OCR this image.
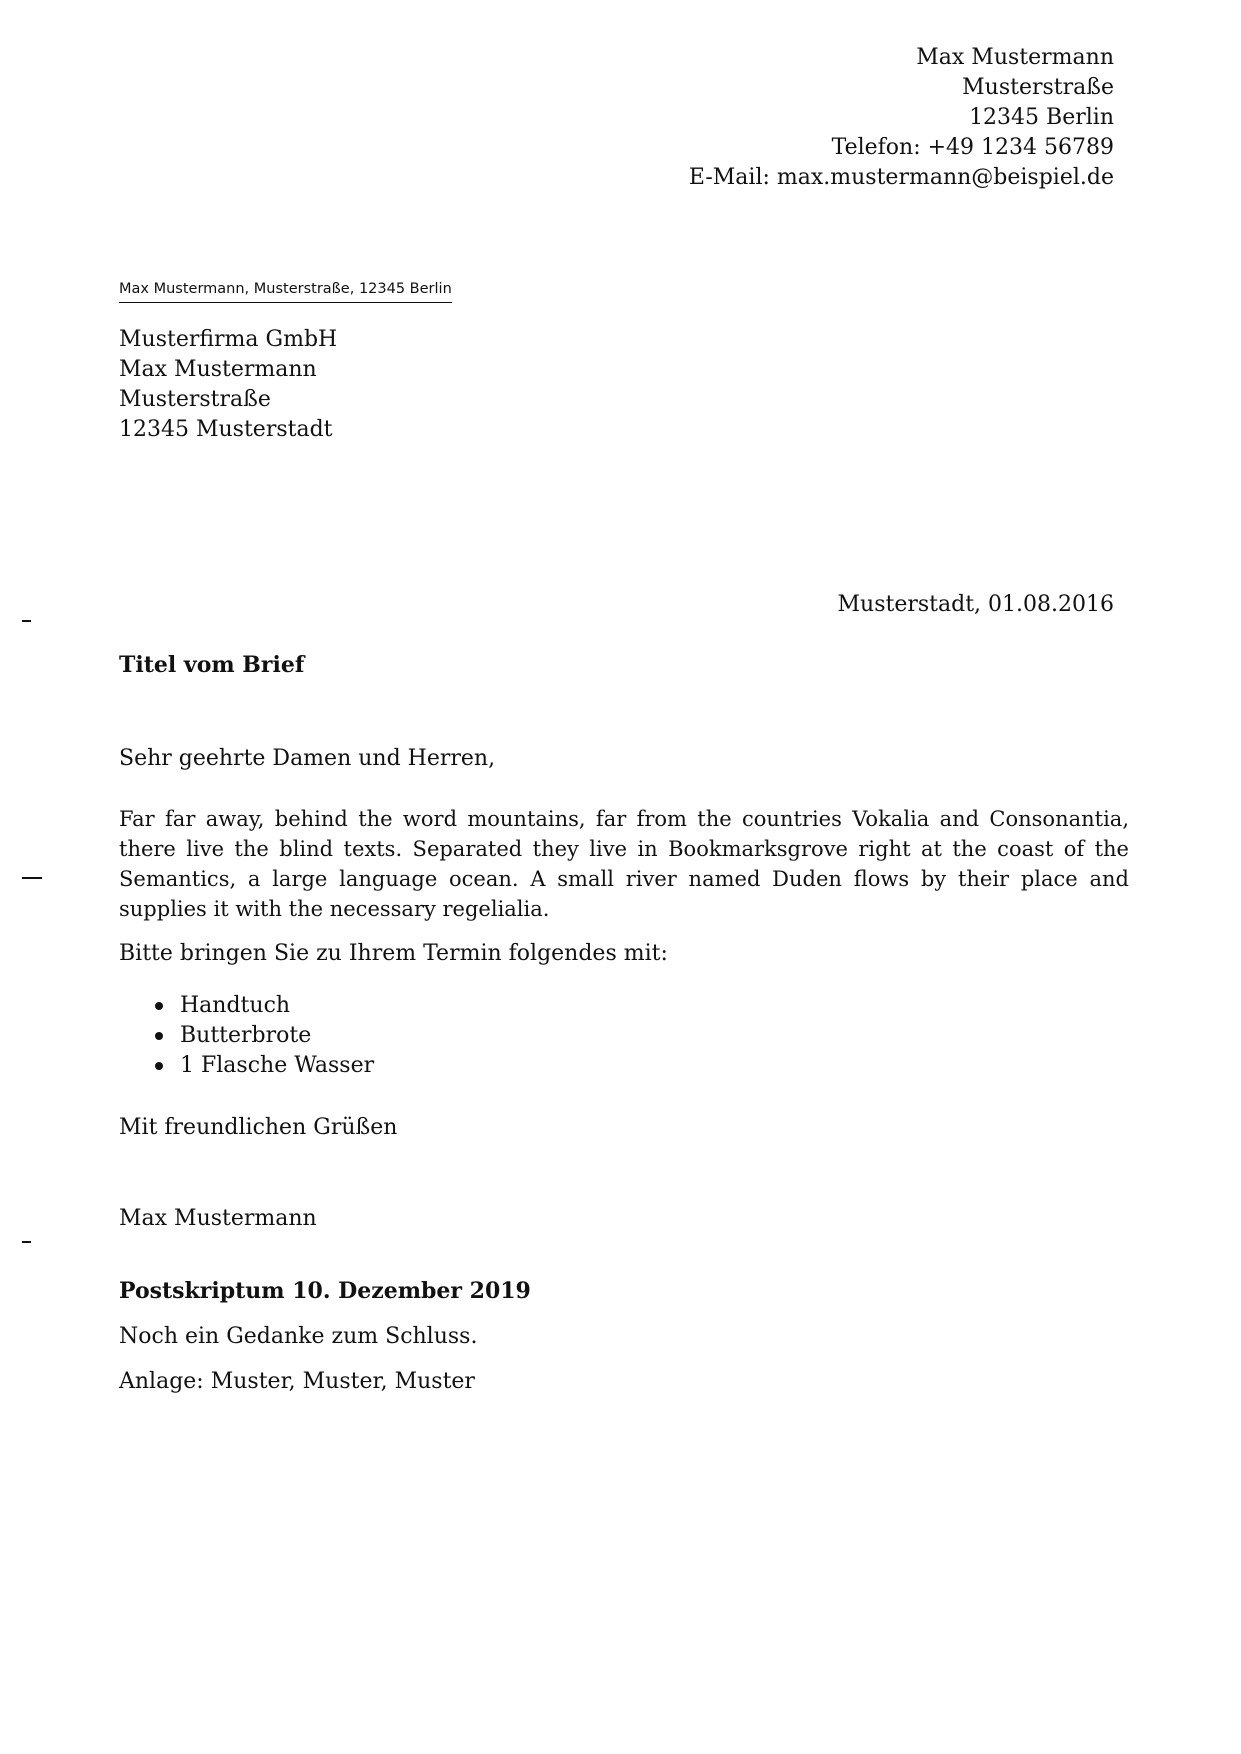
Max Mustermann
Musterstraße
12345 Berlin
Telefon: +49 1234 56789
E-Mail: max.mustermann@beispiel.de
Max Mustermann, Musterstraße, 12345 Berlin
Musterfirma GmbH
Max Mustermann
Musterstraße
12345 Musterstadt
Musterstadt, 01.08.2016
Titel vom Brief
Sehr geehrte Damen und Herren,
Far far away, behind the word mountains, far from the countries Vokalia and Consonantia, there live the blind texts. Separated they live in Bookmarksgrove right at the coast of the Semantics, a large language ocean. A small river named Duden flows by their place and supplies it with the necessary regelialia.
Bitte bringen Sie zu Ihrem Termin folgendes mit:
Handtuch
Butterbrote
1 Flasche Wasser
Mit freundlichen Grüßen
Max Mustermann
Postskriptum 10. Dezember 2019
Noch ein Gedanke zum Schluss.
Anlage: Muster, Muster, Muster
